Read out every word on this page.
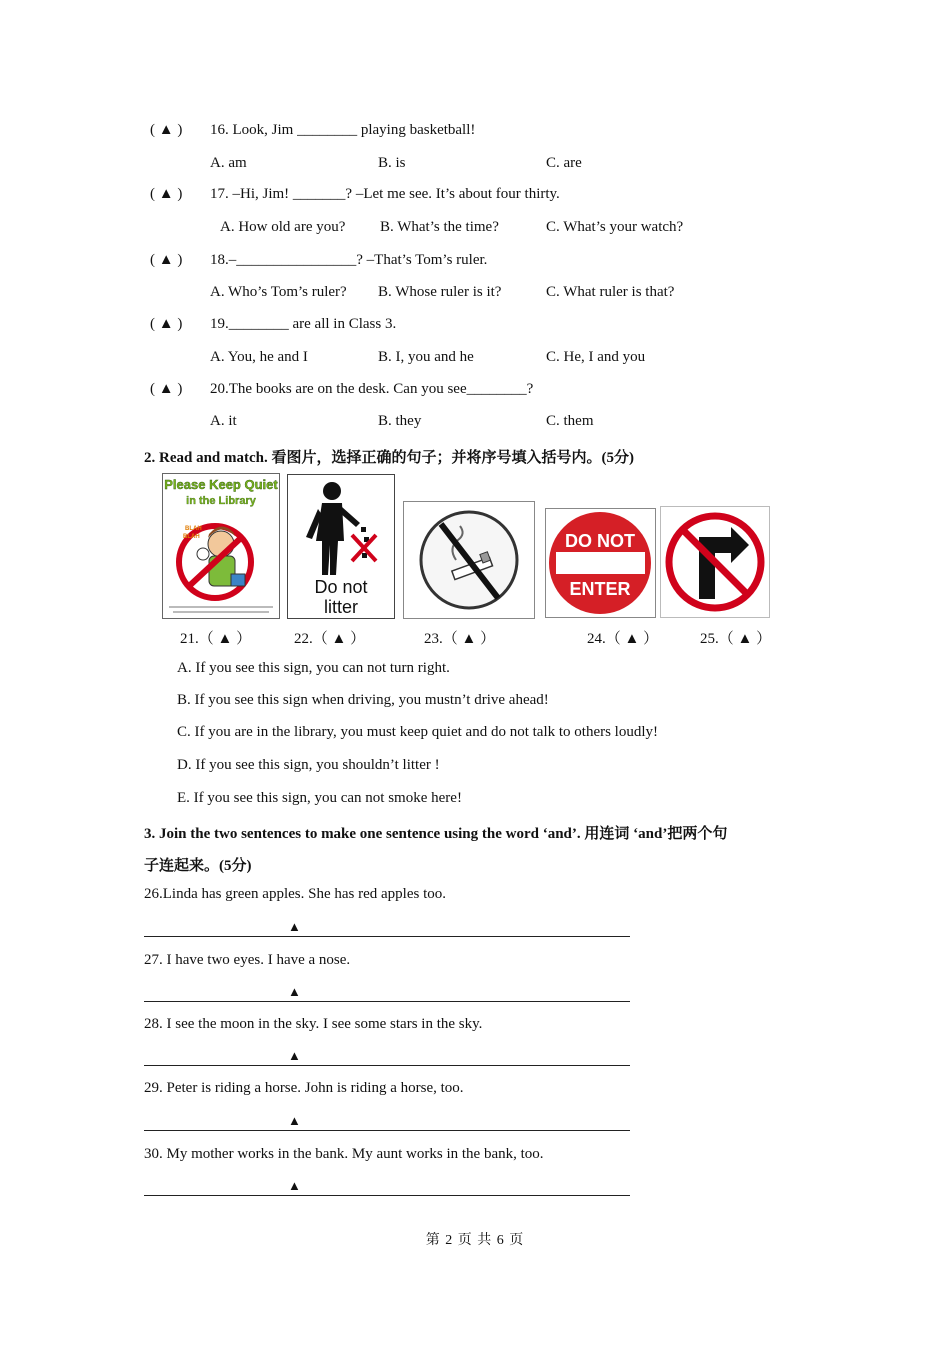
( ▲ ) 16. Look, Jim ________ playing basketball!
A. am	B. is	C. are
( ▲ ) 17. –Hi, Jim! _______? –Let me see. It’s about four thirty.
A. How old are you? B. What’s the time?	C. What’s your watch?
( ▲ ) 18.–________________? –That’s Tom’s ruler.
A. Who’s Tom’s ruler? B. Whose ruler is it?	C. What ruler is that?
( ▲ ) 19.________ are all in Class 3.
A. You, he and I	B. I, you and he	C. He, I and you
( ▲ ) 20.The books are on the desk. Can you see________?
A. it	B. they	C. them
2. Read and match. 看图片，选择正确的句子；并将序号填入括号内。(5分)
Please Keep Quiet
in the Library
BLAH
BLAH
Do not
litter
DO NOT
ENTER
21.（ ▲ ）	22.（ ▲ ）	23.（ ▲ ）	24.（ ▲ ）	25.（ ▲ ）
A. If you see this sign, you can not turn right.
B. If you see this sign when driving, you mustn’t drive ahead!
C. If you are in the library, you must keep quiet and do not talk to others loudly!
D. If you see this sign, you shouldn’t litter !
E. If you see this sign, you can not smoke here!
3. Join the two sentences to make one sentence using the word ‘and’. 用连词 ‘and’把两个句
子连起来。(5分)
26.Linda has green apples. She has red apples too.
▲
27. I have two eyes. I have a nose.
▲
28. I see the moon in the sky. I see some stars in the sky.
▲
29. Peter is riding a horse. John is riding a horse, too.
▲
30. My mother works in the bank. My aunt works in the bank, too.
▲
第 2 页 共 6 页
